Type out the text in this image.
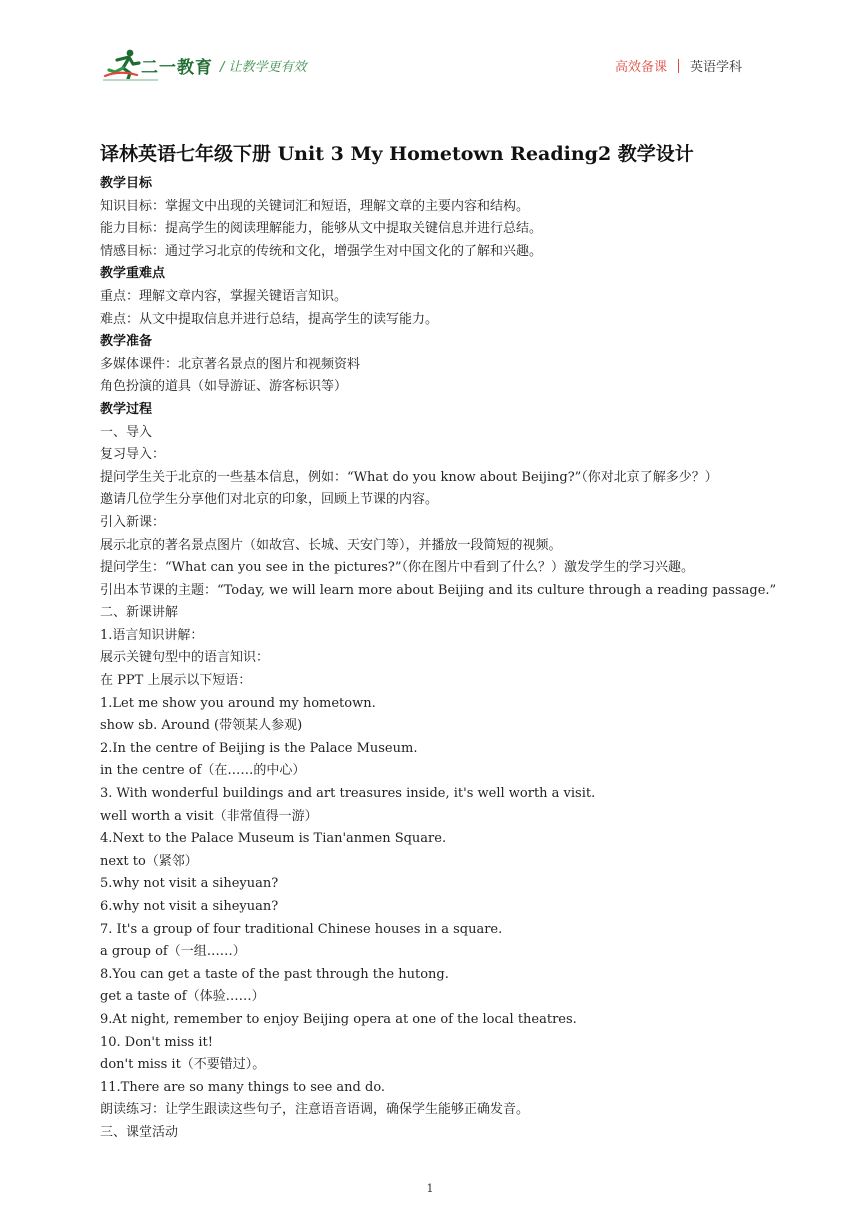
二一教育 / 让教学更有效	高效备课 英语学科
译林英语七年级下册 Unit 3 My Hometown Reading2 教学设计
教学目标
知识目标：掌握文中出现的关键词汇和短语，理解文章的主要内容和结构。
能力目标：提高学生的阅读理解能力，能够从文中提取关键信息并进行总结。
情感目标：通过学习北京的传统和文化，增强学生对中国文化的了解和兴趣。
教学重难点
重点：理解文章内容，掌握关键语言知识。
难点：从文中提取信息并进行总结，提高学生的读写能力。
教学准备
多媒体课件：北京著名景点的图片和视频资料
角色扮演的道具（如导游证、游客标识等）
教学过程
一、导入
复习导入：
提问学生关于北京的一些基本信息，例如：“What do you know about Beijing?”（你对北京了解多少？）
邀请几位学生分享他们对北京的印象，回顾上节课的内容。
引入新课：
展示北京的著名景点图片（如故宫、长城、天安门等），并播放一段简短的视频。
提问学生：“What can you see in the pictures?”（你在图片中看到了什么？）激发学生的学习兴趣。
引出本节课的主题：“Today, we will learn more about Beijing and its culture through a reading passage.”
二、新课讲解
1.语言知识讲解：
展示关键句型中的语言知识：
在 PPT 上展示以下短语：
1.Let me show you around my hometown.
show sb. Around (带领某人参观)
2.In the centre of Beijing is the Palace Museum.
in the centre of（在……的中心）
3. With wonderful buildings and art treasures inside, it's well worth a visit.
well worth a visit（非常值得一游）
4.Next to the Palace Museum is Tian'anmen Square.
next to（紧邻）
5.why not visit a siheyuan?
6.why not visit a siheyuan?
7. It's a group of four traditional Chinese houses in a square.
a group of（一组……）
8.You can get a taste of the past through the hutong.
get a taste of（体验……）
9.At night, remember to enjoy Beijing opera at one of the local theatres.
10. Don't miss it!
don't miss it（不要错过）。
11.There are so many things to see and do.
朗读练习：让学生跟读这些句子，注意语音语调，确保学生能够正确发音。
三、课堂活动
1
